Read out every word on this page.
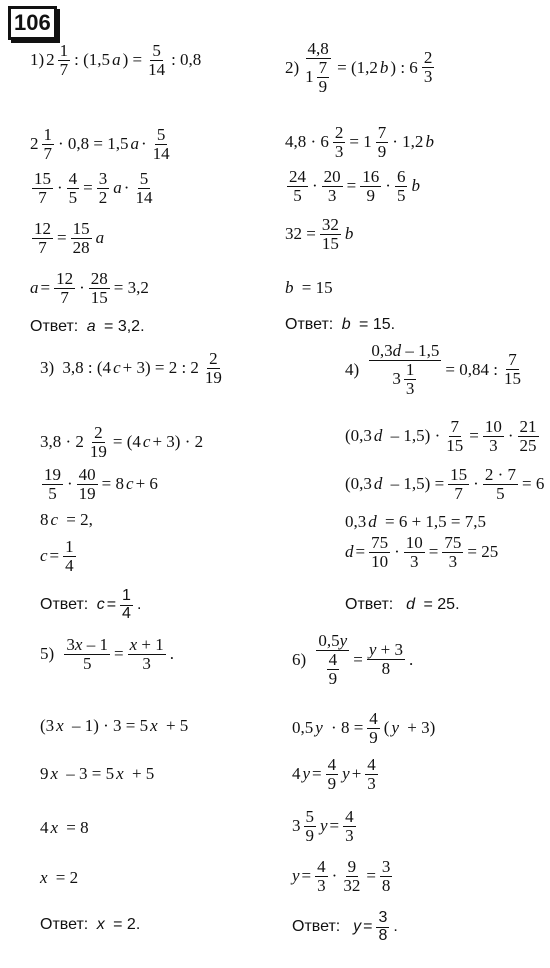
106
1) 2 1
7 : (1,5 a ) = $\frac{5}{14}$ : 0,8
2 1
7 · 0,8 = 1,5 a · 5
14
15
$7 \cdot \frac{4}{5} = \frac{3}{2}$ a · 5
14
$\frac{12}{7} = \frac{15}{28}$ a
$a = \frac{12}{7} \cdot \frac{28}{15} = 3,2$
Ответ:
a
= 3,2.
2) 4,8
1 7
9 = (1,2 b ) : 6 2
3
$4,8 \cdot 6 \frac{2}{3} = 1$ 7
9 · 1,2 b
24
$5 \cdot \frac{20}{3} = \frac{16}{9} \cdot 6$
5 b
$32 = \frac{32}{15}$ b
b
= 15
Ответ:
b
= 15.
3)
3,8 : (4 c + 3) = 2 : 2 2
19
$3,8 \cdot 2 \frac{2}{19} = (4$ c + 3) · 2
19
$5 \cdot \frac{40}{19} = 8$ c + 6
8 c
= 2,
$c = \frac{1}{4}$
Ответ:
$c = \frac{1}{4}$ .
4)
0,3d – 1,5
3 1
3 = 0,84 : 7
15
(0,3 d
– $1,5) \cdot \frac{7}{15} = \frac{10}{3} \cdot 21$
25
(0,3 d
– $1,5) = \frac{15}{7} \cdot \frac{2 \cdot 7}{5} = 6$
0,3 d
= 6 + 1,5 = 7,5
$d = \frac{75}{10} \cdot \frac{10}{3} = \frac{75}{3} = 25$
Ответ:
d
= 25.
5)
$\frac{3x - 1}{5} = \frac{x + 1}{3}$ .
(3 x
– 1) · 3 = 5 x
+ 5
9 x
– 3 = 5 x
+ 5
4 x
= 8
x
= 2
Ответ:
x
= 2.
6)
0,5y
4
$9 = \frac{y + 3}{8}$ .
0,5 y
· $8 = \frac{4}{9}$ ( y
+ 3)
4 $y = \frac{4}{9}$ $y + \frac{4}{3}$
3 5
9 $y = \frac{4}{3}$
$y = \frac{4}{3} \cdot \frac{9}{32} = \frac{3}{8}$
Ответ:
$y = \frac{3}{8}$ .
